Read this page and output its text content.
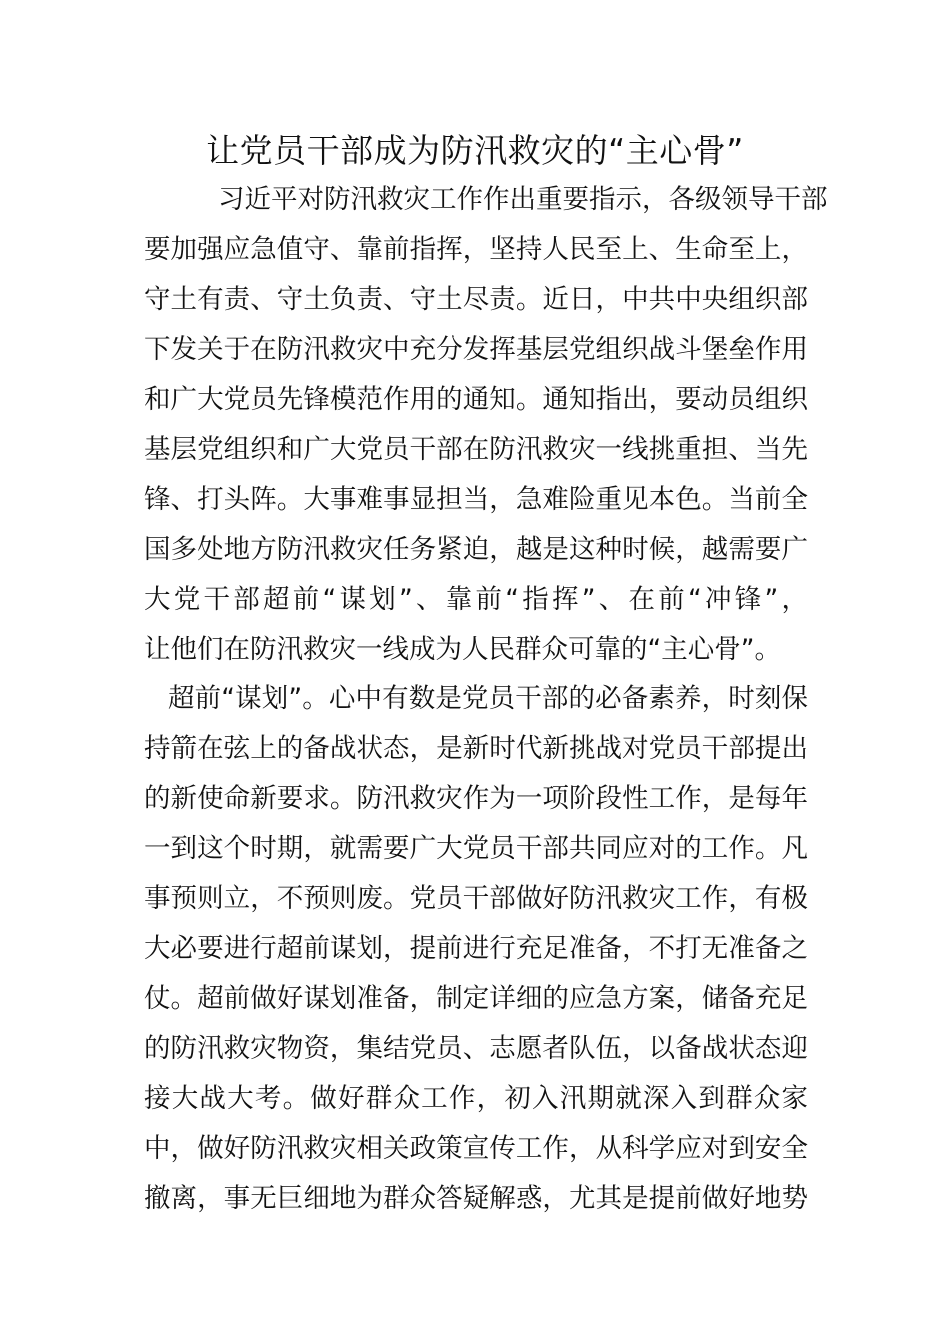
让党员干部成为防汛救灾的“主心骨”
习近平对防汛救灾工作作出重要指示，各级领导干部
要加强应急值守、靠前指挥，坚持人民至上、生命至上，
守土有责、守土负责、守土尽责。近日，中共中央组织部
下发关于在防汛救灾中充分发挥基层党组织战斗堡垒作用
和广大党员先锋模范作用的通知。通知指出，要动员组织
基层党组织和广大党员干部在防汛救灾一线挑重担、当先
锋、打头阵。大事难事显担当，急难险重见本色。当前全
国多处地方防汛救灾任务紧迫，越是这种时候，越需要广
大党干部超前“谋划”、靠前“指挥”、在前“冲锋”，
让他们在防汛救灾一线成为人民群众可靠的“主心骨”。
超前“谋划”。心中有数是党员干部的必备素养，时刻保
持箭在弦上的备战状态，是新时代新挑战对党员干部提出
的新使命新要求。防汛救灾作为一项阶段性工作，是每年
一到这个时期，就需要广大党员干部共同应对的工作。凡
事预则立，不预则废。党员干部做好防汛救灾工作，有极
大必要进行超前谋划，提前进行充足准备，不打无准备之
仗。超前做好谋划准备，制定详细的应急方案，储备充足
的防汛救灾物资，集结党员、志愿者队伍，以备战状态迎
接大战大考。做好群众工作，初入汛期就深入到群众家
中，做好防汛救灾相关政策宣传工作，从科学应对到安全
撤离，事无巨细地为群众答疑解惑，尤其是提前做好地势
